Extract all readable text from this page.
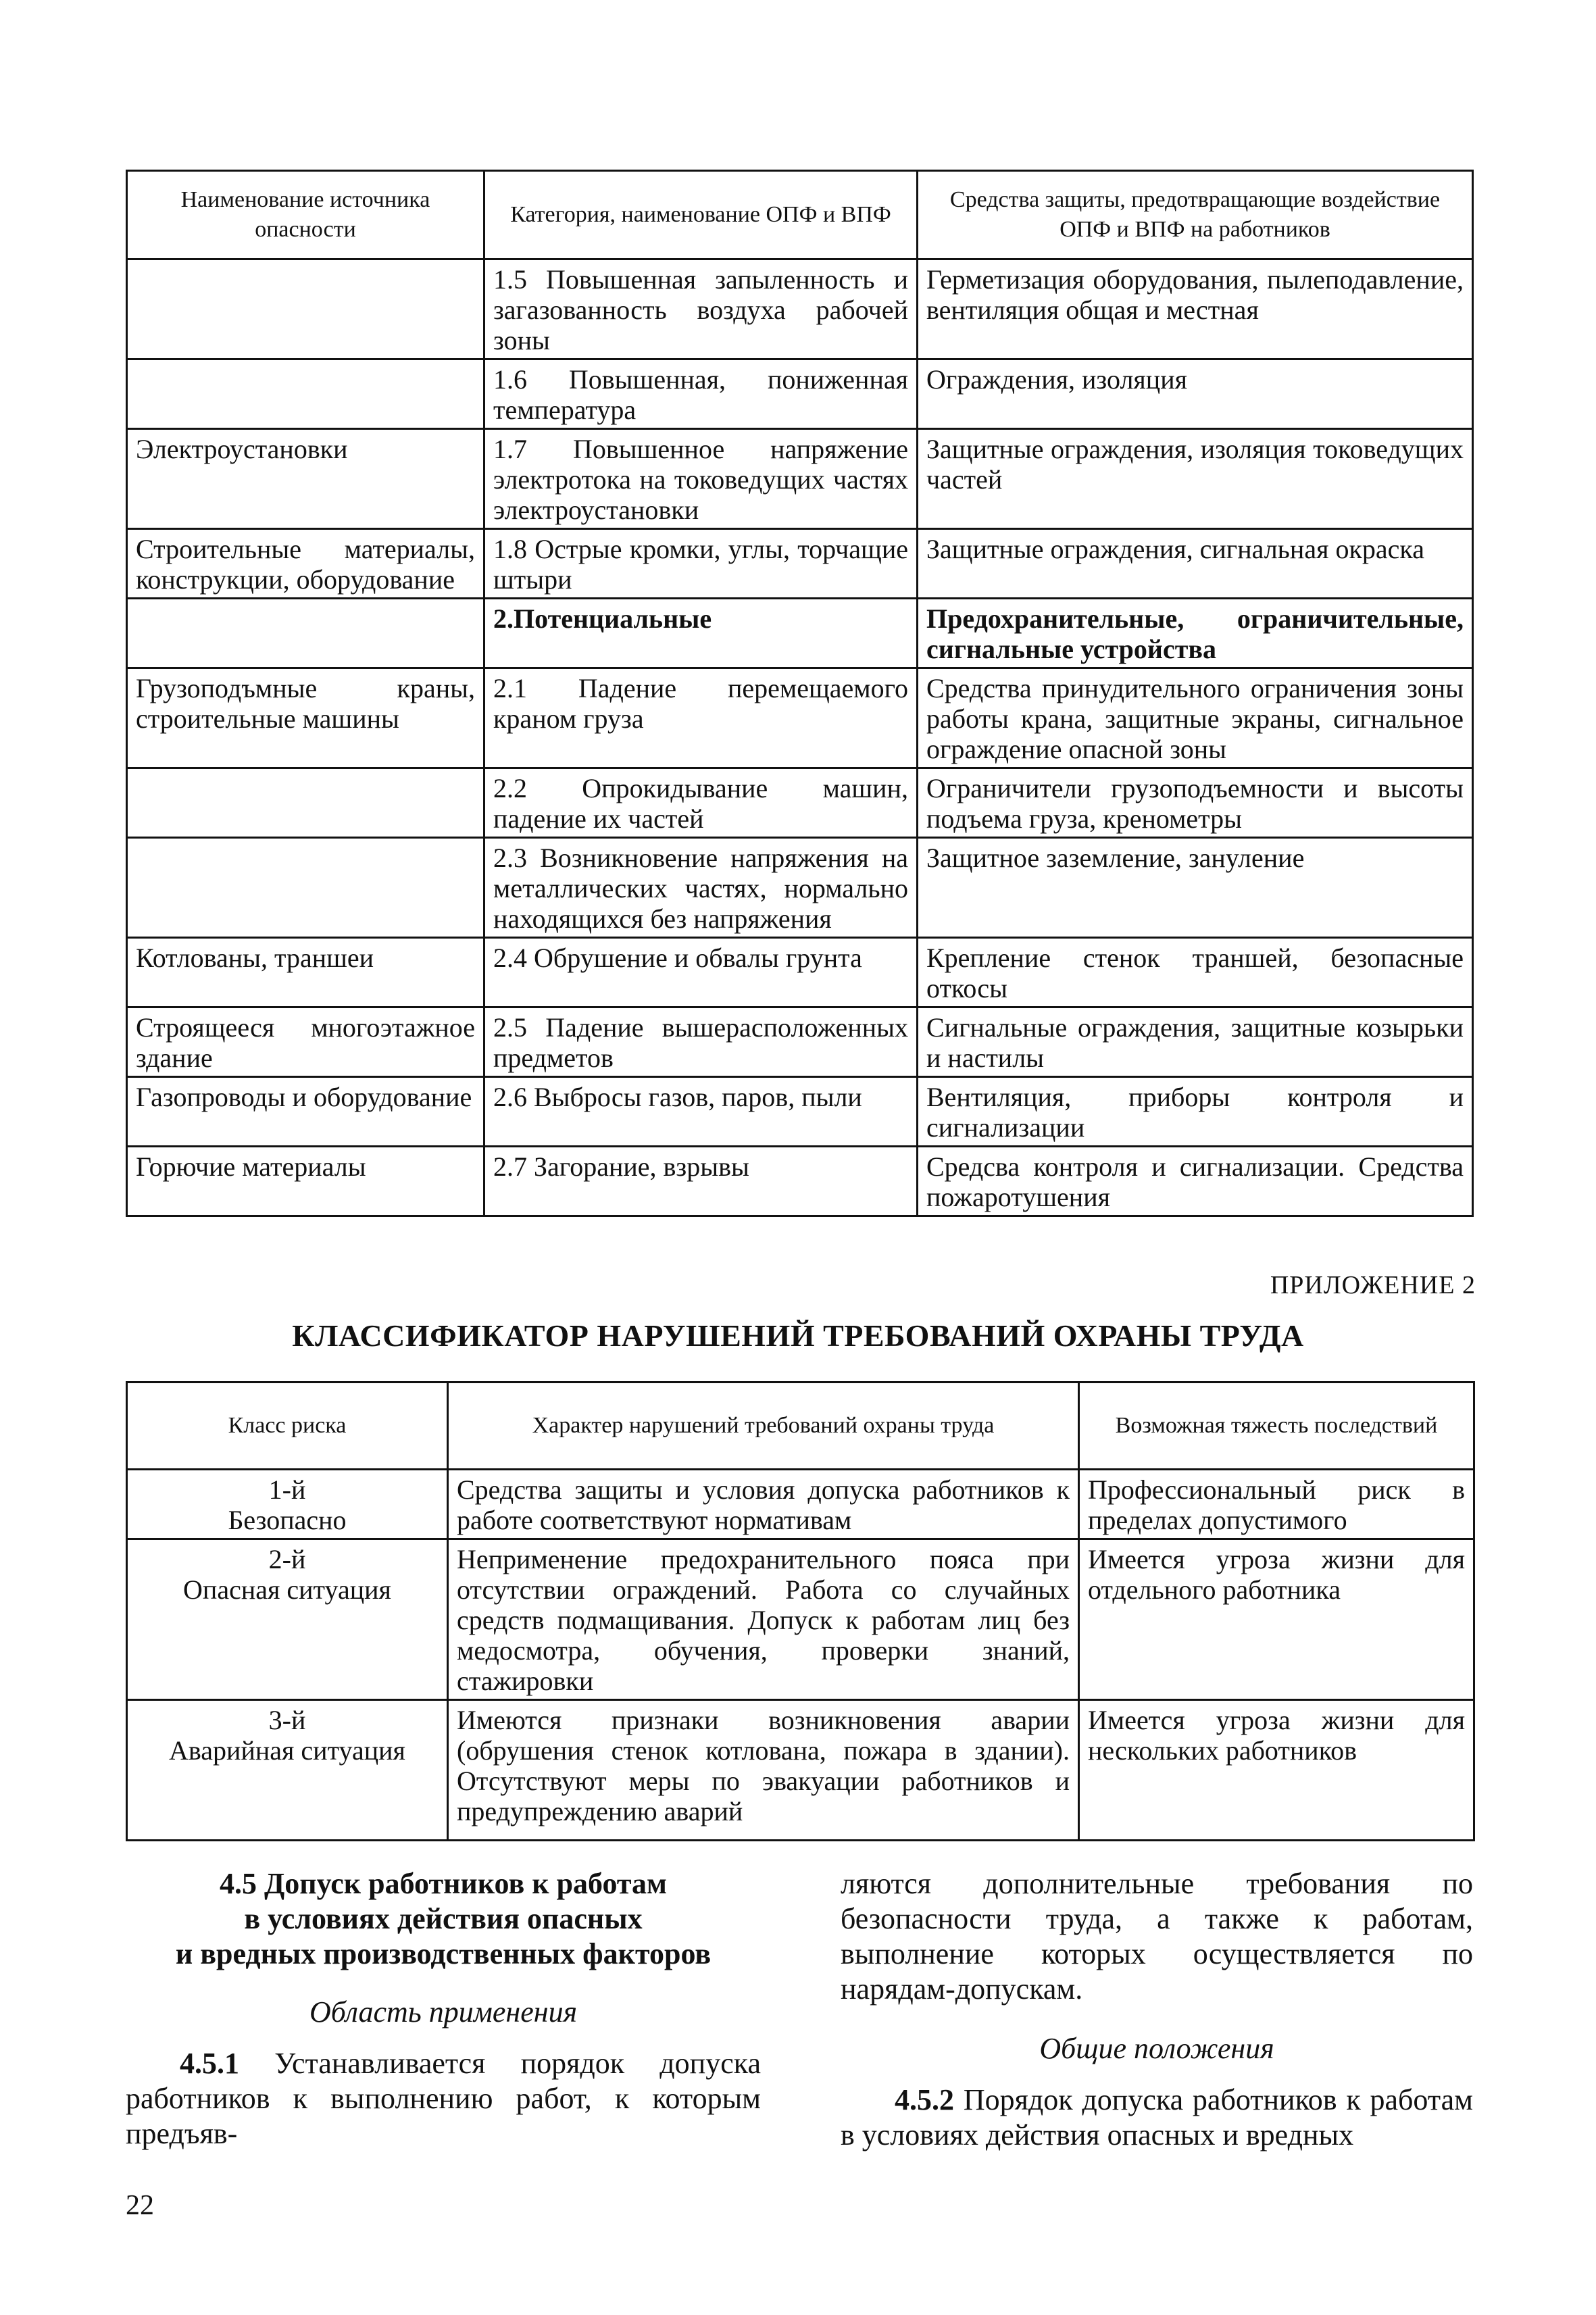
Наименование источника опасности	Категория, наименование ОПФ и ВПФ	Средства защиты, предотвращающие воздействие ОПФ и ВПФ на работников
	1.5 Повышенная запыленность и загазованность воздуха рабочей зоны	Герметизация оборудования, пылеподавление, вентиляция общая и местная
	1.6 Повышенная, пониженная температура	Ограждения, изоляция
Электроустановки	1.7 Повышенное напряжение электротока на токоведущих частях электроустановки	Защитные ограждения, изоляция токоведущих частей
Строительные материалы, конструкции, оборудование	1.8 Острые кромки, углы, торчащие штыри	Защитные ограждения, сигнальная окраска
	2.Потенциальные	Предохранительные, ограничительные, сигнальные устройства
Грузоподъмные краны, строительные машины	2.1 Падение перемещаемого краном груза	Средства принудительного ограничения зоны работы крана, защитные экраны, сигнальное ограждение опасной зоны
	2.2 Опрокидывание машин, падение их частей	Ограничители грузоподъемности и высоты подъема груза, кренометры
	2.3 Возникновение напряжения на металлических частях, нормально находящихся без напряжения	Защитное заземление, зануление
Котлованы, траншеи	2.4 Обрушение и обвалы грунта	Крепление стенок траншей, безопасные откосы
Строящееся многоэтажное здание	2.5 Падение вышерасположенных предметов	Сигнальные ограждения, защитные козырьки и настилы
Газопроводы и оборудование	2.6 Выбросы газов, паров, пыли	Вентиляция, приборы контроля и сигнализации
Горючие материалы	2.7 Загорание, взрывы	Средсва контроля и сигнализации. Средства пожаротушения
ПРИЛОЖЕНИЕ 2
КЛАССИФИКАТОР НАРУШЕНИЙ ТРЕБОВАНИЙ ОХРАНЫ ТРУДА
Класс риска	Характер нарушений требований охраны труда	Возможная тяжесть последствий

1-й
Безопасно	Средства защиты и условия допуска работников к работе соответствуют нормативам	Профессиональный риск в пределах допустимого

2-й
Опасная ситуация	Неприменение предохранительного пояса при отсутствии ограждений. Работа со случайных средств подмащивания. Допуск к работам лиц без медосмотра, обучения, проверки знаний, стажировки	Имеется угроза жизни для отдельного работника

3-й
Аварийная ситуация	Имеются признаки возникновения аварии (обрушения стенок котлована, пожара в здании). Отсутствуют меры по эвакуации работников и предупреждению аварий	Имеется угроза жизни для нескольких работников
4.5 Допуск работников к работам
в условиях действия опасных
и вредных производственных факторов
Область применения
4.5.1 Устанавливается порядок допуска работников к выполнению работ, к которым предъяв-
ляются дополнительные требования по безопасности труда, а также к работам, выполнение которых осуществляется по нарядам-допускам.
Общие положения
4.5.2 Порядок допуска работников к работам в условиях действия опасных и вредных
22
